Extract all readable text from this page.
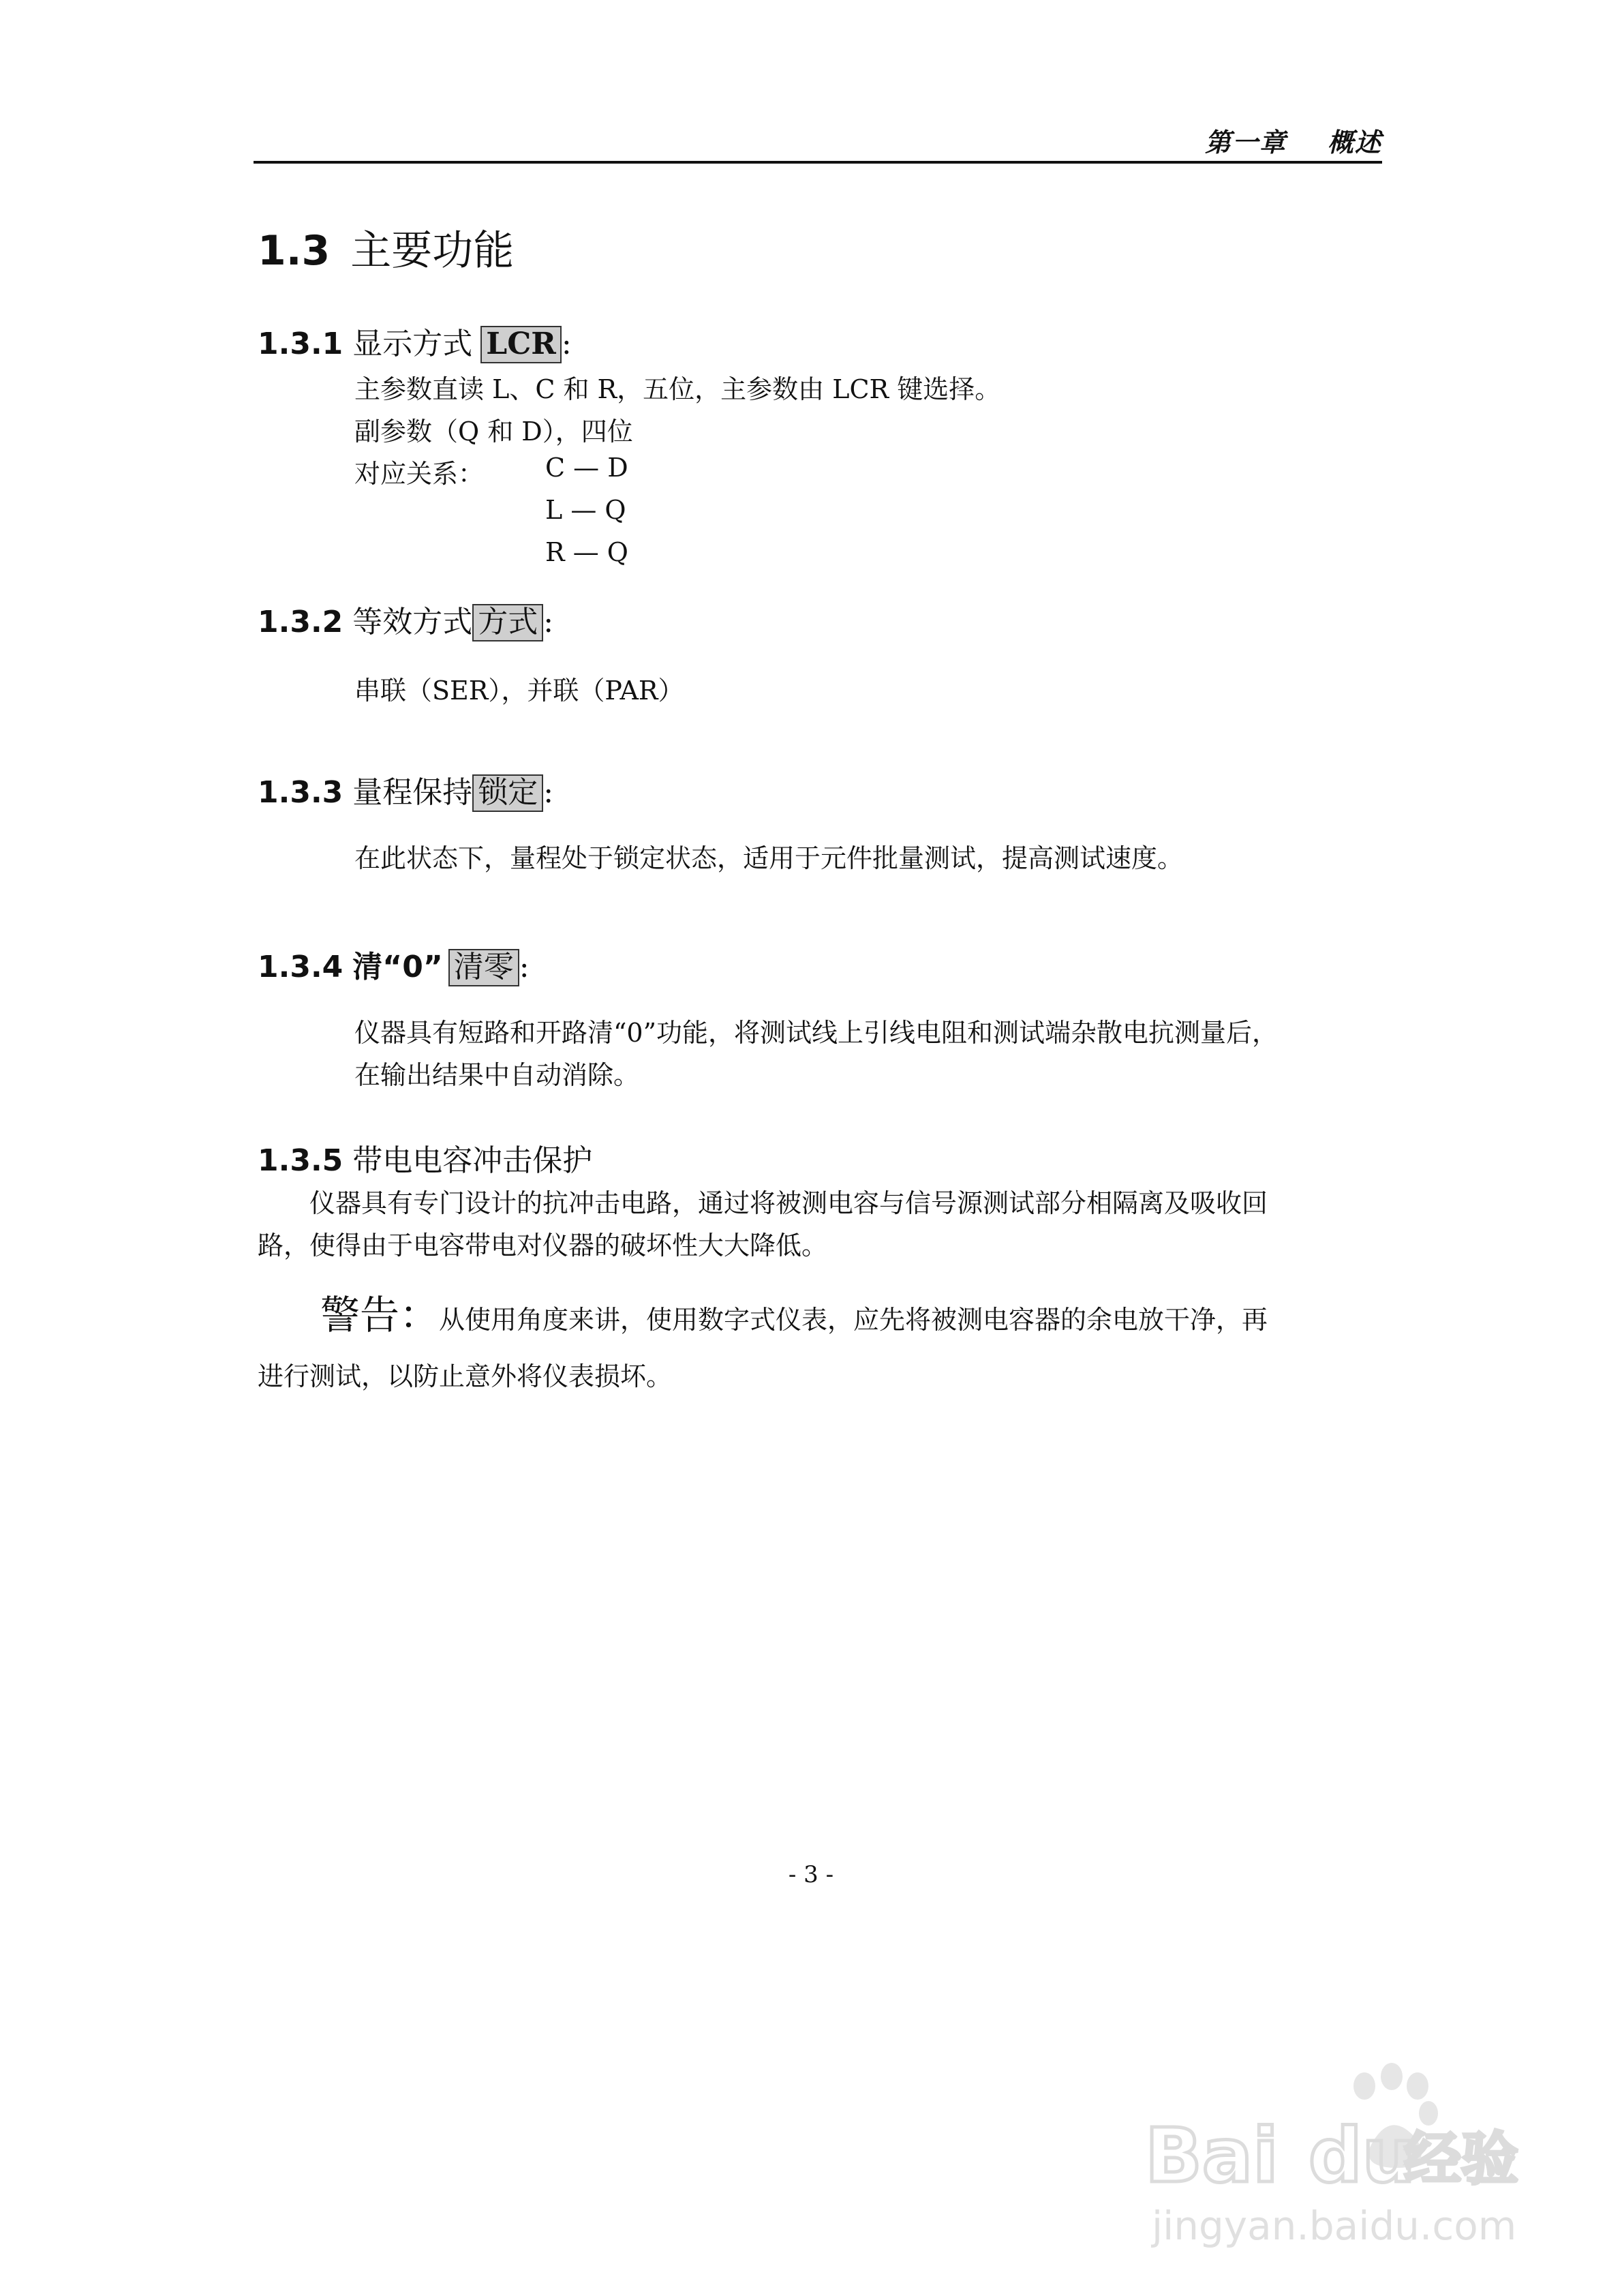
第一章 概述
1.3 主要功能
1.3.1 显示方式 LCR :
主参数直读 L、C 和 R，五位，主参数由 LCR 键选择。
副参数（Q 和 D），四位
对应关系： C — D
L — Q
R — Q
1.3.2 等效方式 方式 :
串联（SER），并联（PAR）
1.3.3 量程保持 锁定 :
在此状态下，量程处于锁定状态，适用于元件批量测试，提高测试速度。
1.3.4 清“0” 清零 :
仪器具有短路和开路清“0”功能，将测试线上引线电阻和测试端杂散电抗测量后，
在输出结果中自动消除。
1.3.5 带电电容冲击保护
仪器具有专门设计的抗冲击电路，通过将被测电容与信号源测试部分相隔离及吸收回
路，使得由于电容带电对仪器的破坏性大大降低。
警告：从使用角度来讲，使用数字式仪表，应先将被测电容器的余电放干净，再
进行测试，以防止意外将仪表损坏。
- 3 -
Bai du
经验
jingyan.baidu.com
